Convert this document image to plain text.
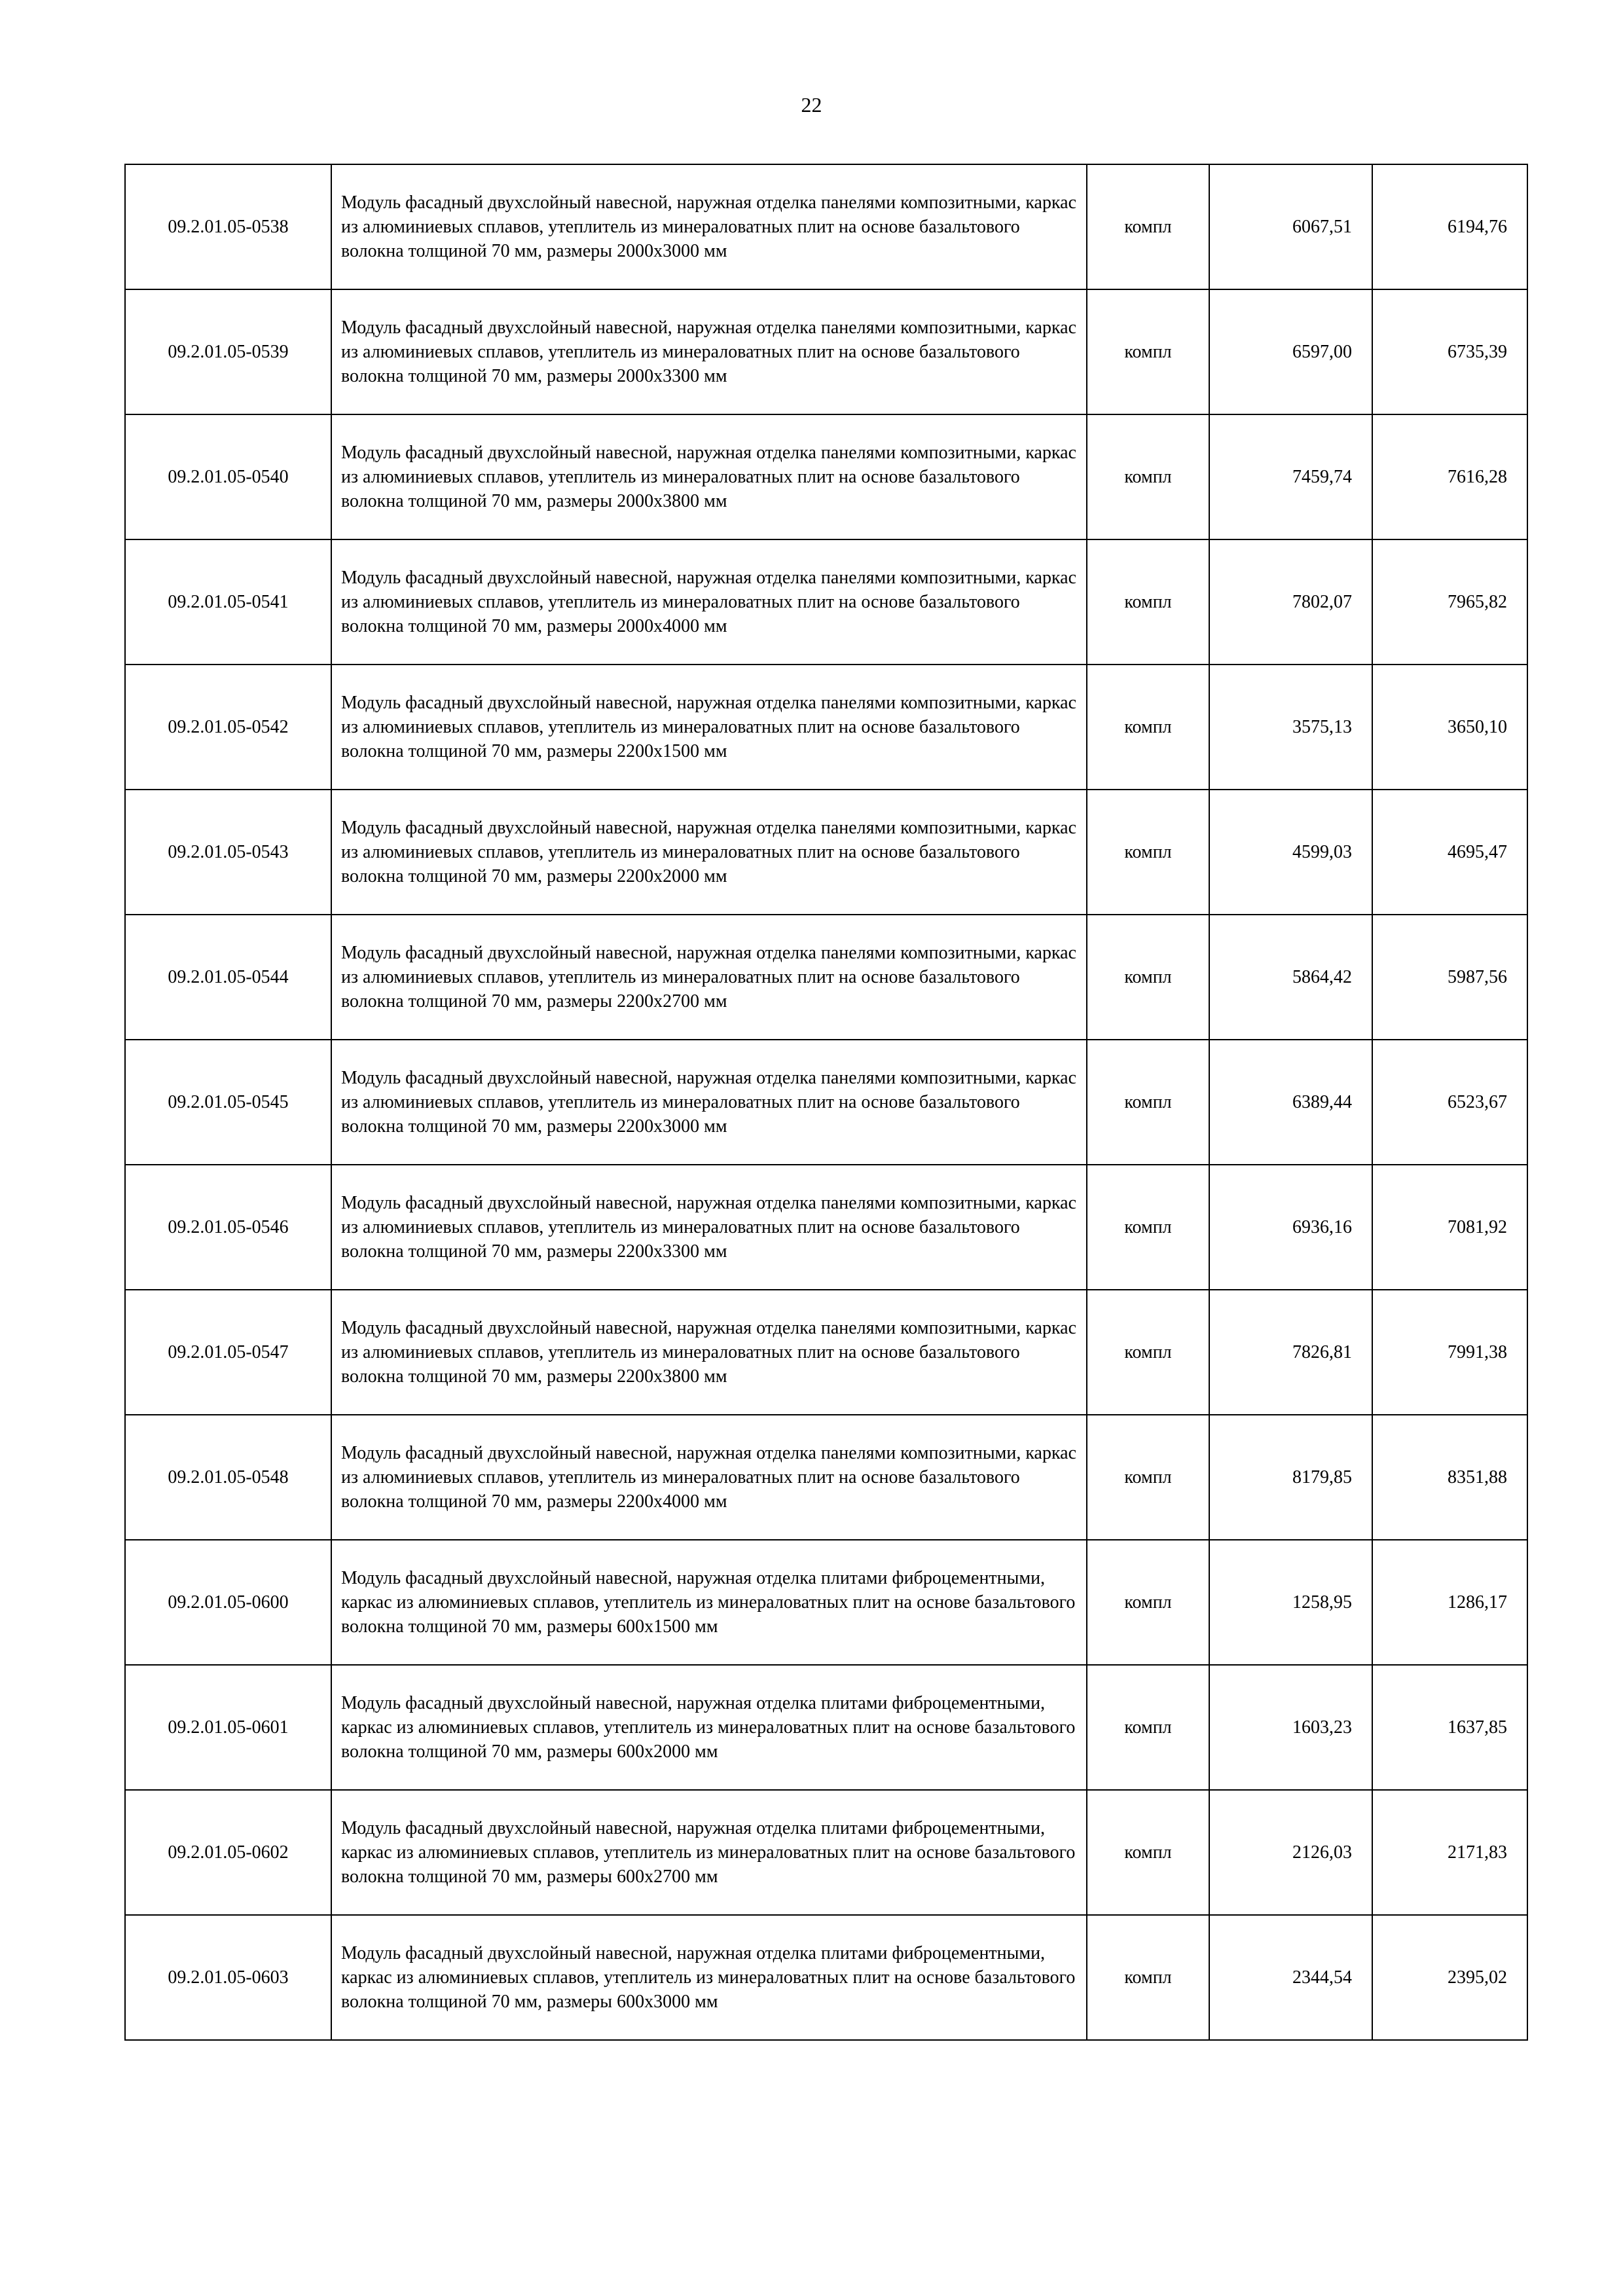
22
09.2.01.05-0538	Модуль фасадный двухслойный навесной, наружная отделка панелями композитными, каркас из алюминиевых сплавов, утеплитель из минераловатных плит на основе базальтового волокна толщиной 70 мм, размеры 2000х3000 мм	компл	6067,51	6194,76
09.2.01.05-0539	Модуль фасадный двухслойный навесной, наружная отделка панелями композитными, каркас из алюминиевых сплавов, утеплитель из минераловатных плит на основе базальтового волокна толщиной 70 мм, размеры 2000х3300 мм	компл	6597,00	6735,39
09.2.01.05-0540	Модуль фасадный двухслойный навесной, наружная отделка панелями композитными, каркас из алюминиевых сплавов, утеплитель из минераловатных плит на основе базальтового волокна толщиной 70 мм, размеры 2000х3800 мм	компл	7459,74	7616,28
09.2.01.05-0541	Модуль фасадный двухслойный навесной, наружная отделка панелями композитными, каркас из алюминиевых сплавов, утеплитель из минераловатных плит на основе базальтового волокна толщиной 70 мм, размеры 2000х4000 мм	компл	7802,07	7965,82
09.2.01.05-0542	Модуль фасадный двухслойный навесной, наружная отделка панелями композитными, каркас из алюминиевых сплавов, утеплитель из минераловатных плит на основе базальтового волокна толщиной 70 мм, размеры 2200х1500 мм	компл	3575,13	3650,10
09.2.01.05-0543	Модуль фасадный двухслойный навесной, наружная отделка панелями композитными, каркас из алюминиевых сплавов, утеплитель из минераловатных плит на основе базальтового волокна толщиной 70 мм, размеры 2200х2000 мм	компл	4599,03	4695,47
09.2.01.05-0544	Модуль фасадный двухслойный навесной, наружная отделка панелями композитными, каркас из алюминиевых сплавов, утеплитель из минераловатных плит на основе базальтового волокна толщиной 70 мм, размеры 2200х2700 мм	компл	5864,42	5987,56
09.2.01.05-0545	Модуль фасадный двухслойный навесной, наружная отделка панелями композитными, каркас из алюминиевых сплавов, утеплитель из минераловатных плит на основе базальтового волокна толщиной 70 мм, размеры 2200х3000 мм	компл	6389,44	6523,67
09.2.01.05-0546	Модуль фасадный двухслойный навесной, наружная отделка панелями композитными, каркас из алюминиевых сплавов, утеплитель из минераловатных плит на основе базальтового волокна толщиной 70 мм, размеры 2200х3300 мм	компл	6936,16	7081,92
09.2.01.05-0547	Модуль фасадный двухслойный навесной, наружная отделка панелями композитными, каркас из алюминиевых сплавов, утеплитель из минераловатных плит на основе базальтового волокна толщиной 70 мм, размеры 2200х3800 мм	компл	7826,81	7991,38
09.2.01.05-0548	Модуль фасадный двухслойный навесной, наружная отделка панелями композитными, каркас из алюминиевых сплавов, утеплитель из минераловатных плит на основе базальтового волокна толщиной 70 мм, размеры 2200х4000 мм	компл	8179,85	8351,88
09.2.01.05-0600	Модуль фасадный двухслойный навесной, наружная отделка плитами фиброцементными, каркас из алюминиевых сплавов, утеплитель из минераловатных плит на основе базальтового волокна толщиной 70 мм, размеры 600х1500 мм	компл	1258,95	1286,17
09.2.01.05-0601	Модуль фасадный двухслойный навесной, наружная отделка плитами фиброцементными, каркас из алюминиевых сплавов, утеплитель из минераловатных плит на основе базальтового волокна толщиной 70 мм, размеры 600х2000 мм	компл	1603,23	1637,85
09.2.01.05-0602	Модуль фасадный двухслойный навесной, наружная отделка плитами фиброцементными, каркас из алюминиевых сплавов, утеплитель из минераловатных плит на основе базальтового волокна толщиной 70 мм, размеры 600х2700 мм	компл	2126,03	2171,83
09.2.01.05-0603	Модуль фасадный двухслойный навесной, наружная отделка плитами фиброцементными, каркас из алюминиевых сплавов, утеплитель из минераловатных плит на основе базальтового волокна толщиной 70 мм, размеры 600х3000 мм	компл	2344,54	2395,02
